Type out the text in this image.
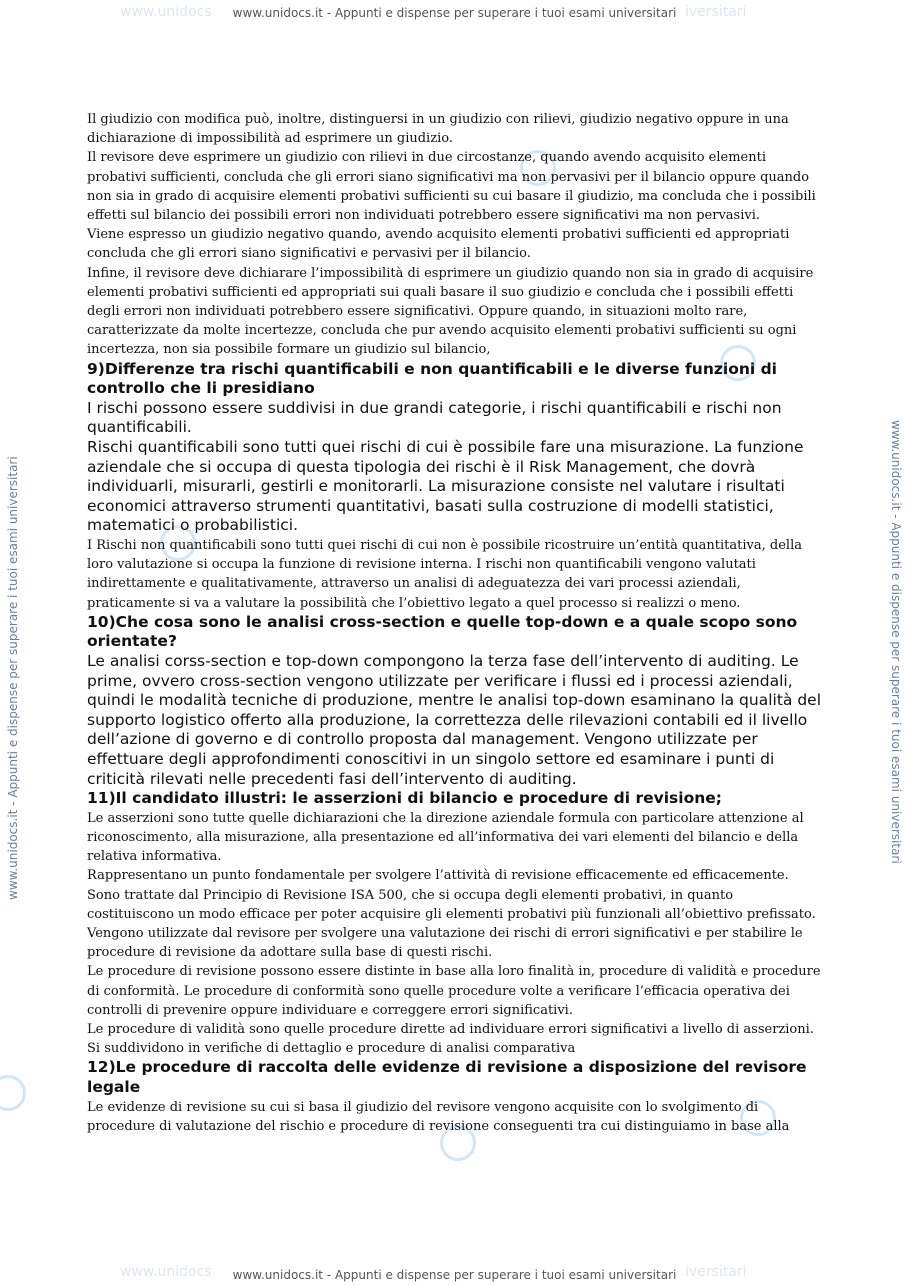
www.unidocs	iversitari
www.unidocs	iversitari
www.unidocs.it - Appunti e dispense per superare i tuoi esami universitari
www.unidocs.it - Appunti e dispense per superare i tuoi esami universitari	www.unidocs.it - Appunti e dispense per superare i tuoi esami universitari

Il giudizio con modifica può, inoltre, distinguersi in un giudizio con rilievi, giudizio negativo oppure in una dichiarazione di impossibilità ad esprimere un giudizio.

Il revisore deve esprimere un giudizio con rilievi in due circostanze, quando avendo acquisito elementi probativi sufficienti, concluda che gli errori siano significativi ma non pervasivi per il bilancio oppure quando non sia in grado di acquisire elementi probativi sufficienti su cui basare il giudizio, ma concluda che i possibili effetti sul bilancio dei possibili errori non individuati potrebbero essere significativi ma non pervasivi.

Viene espresso un giudizio negativo quando, avendo acquisito elementi probativi sufficienti ed appropriati concluda che gli errori siano significativi e pervasivi per il bilancio.

Infine, il revisore deve dichiarare l’impossibilità di esprimere un giudizio quando non sia in grado di acquisire elementi probativi sufficienti ed appropriati sui quali basare il suo giudizio e concluda che i possibili effetti degli errori non individuati potrebbero essere significativi. Oppure quando, in situazioni molto rare, caratterizzate da molte incertezze, concluda che pur avendo acquisito elementi probativi sufficienti su ogni incertezza, non sia possibile formare un giudizio sul bilancio,

9)Differenze tra rischi quantificabili e non quantificabili e le diverse funzioni di controllo che li presidiano

I rischi possono essere suddivisi in due grandi categorie, i rischi quantificabili e rischi non quantificabili.

Rischi quantificabili sono tutti quei rischi di cui è possibile fare una misurazione. La funzione aziendale che si occupa di questa tipologia dei rischi è il Risk Management, che dovrà individuarli, misurarli, gestirli e monitorarli. La misurazione consiste nel valutare i risultati economici attraverso strumenti quantitativi, basati sulla costruzione di modelli statistici, matematici o probabilistici.

I Rischi non quantificabili sono tutti quei rischi di cui non è possibile ricostruire un’entità quantitativa, della loro valutazione si occupa la funzione di revisione interna. I rischi non quantificabili vengono valutati indirettamente e qualitativamente, attraverso un analisi di adeguatezza dei vari processi aziendali, praticamente si va a valutare la possibilità che l’obiettivo legato a quel processo si realizzi o meno.

10)Che cosa sono le analisi cross-section e quelle top-down e a quale scopo sono orientate?

Le analisi corss-section e top-down compongono la terza fase dell’intervento di auditing. Le prime, ovvero cross-section vengono utilizzate per verificare i flussi ed i processi aziendali, quindi le modalità tecniche di produzione, mentre le analisi top-down esaminano la qualità del supporto logistico offerto alla produzione, la correttezza delle rilevazioni contabili ed il livello dell’azione di governo e di controllo proposta dal management. Vengono utilizzate per effettuare degli approfondimenti conoscitivi in un singolo settore ed esaminare i punti di criticità rilevati nelle precedenti fasi dell’intervento di auditing.

11)Il candidato illustri: le asserzioni di bilancio e procedure di revisione;

Le asserzioni sono tutte quelle dichiarazioni che la direzione aziendale formula con particolare attenzione al riconoscimento, alla misurazione, alla presentazione ed all’informativa dei vari elementi del bilancio e della relativa informativa.

Rappresentano un punto fondamentale per svolgere l’attività di revisione efficacemente ed efficacemente. Sono trattate dal Principio di Revisione ISA 500, che si occupa degli elementi probativi, in quanto costituiscono un modo efficace per poter acquisire gli elementi probativi più funzionali all’obiettivo prefissato.

Vengono utilizzate dal revisore per svolgere una valutazione dei rischi di errori significativi e per stabilire le procedure di revisione da adottare sulla base di questi rischi.

Le procedure di revisione possono essere distinte in base alla loro finalità in, procedure di validità e procedure di conformità. Le procedure di conformità sono quelle procedure volte a verificare l’efficacia operativa dei controlli di prevenire oppure individuare e correggere errori significativi.

Le procedure di validità sono quelle procedure dirette ad individuare errori significativi a livello di asserzioni. Si suddividono in verifiche di dettaglio e procedure di analisi comparativa

12)Le procedure di raccolta delle evidenze di revisione a disposizione del revisore legale

Le evidenze di revisione su cui si basa il giudizio del revisore vengono acquisite con lo svolgimento di procedure di valutazione del rischio e procedure di revisione conseguenti tra cui distinguiamo in base alla

www.unidocs.it - Appunti e dispense per superare i tuoi esami universitari
